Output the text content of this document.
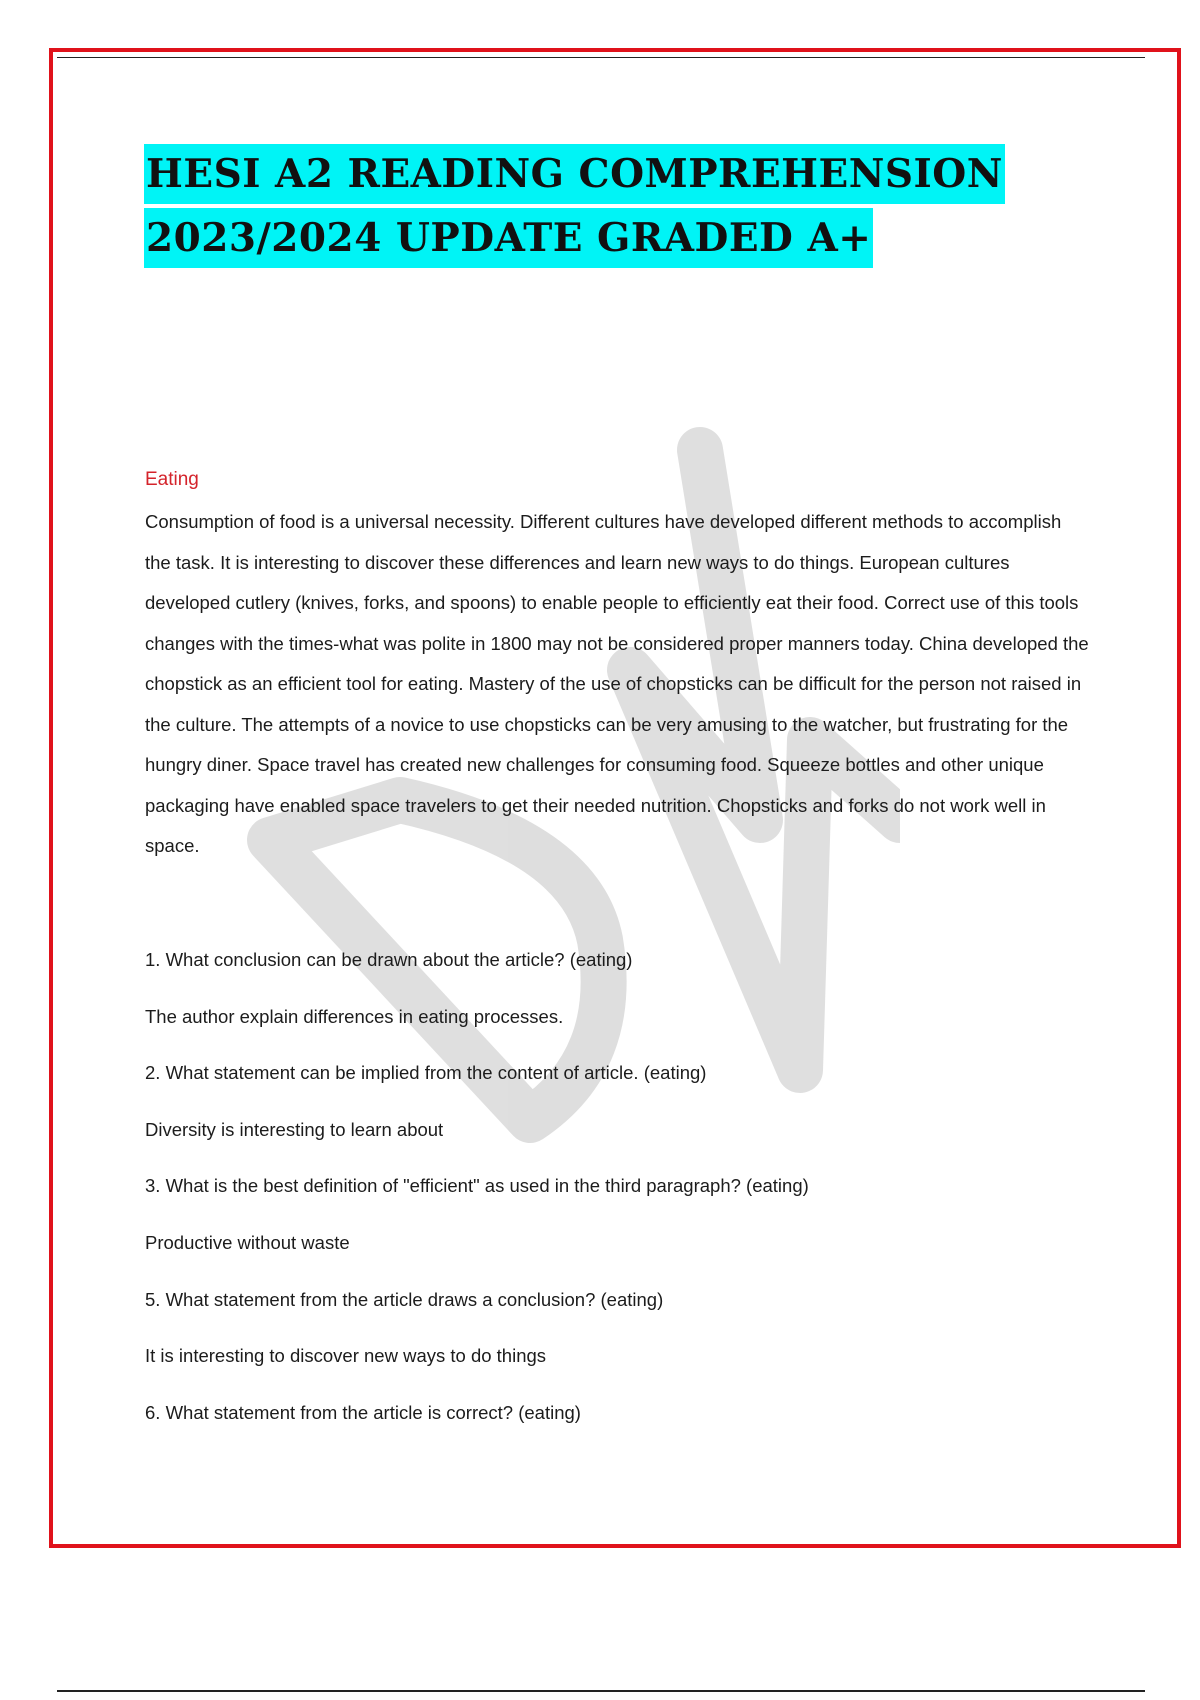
HESI A2 READING COMPREHENSION
2023/2024 UPDATE GRADED A+
Eating

Consumption of food is a universal necessity. Different cultures have developed different methods to accomplish the task. It is interesting to discover these differences and learn new ways to do things. European cultures developed cutlery (knives, forks, and spoons) to enable people to efficiently eat their food. Correct use of this tools changes with the times-what was polite in 1800 may not be considered proper manners today. China developed the chopstick as an efficient tool for eating. Mastery of the use of chopsticks can be difficult for the person not raised in the culture. The attempts of a novice to use chopsticks can be very amusing to the watcher, but frustrating for the hungry diner. Space travel has created new challenges for consuming food. Squeeze bottles and other unique packaging have enabled space travelers to get their needed nutrition. Chopsticks and forks do not work well in space.

1. What conclusion can be drawn about the article? (eating)
The author explain differences in eating processes.
2. What statement can be implied from the content of article. (eating)
Diversity is interesting to learn about
3. What is the best definition of "efficient" as used in the third paragraph? (eating)
Productive without waste
5. What statement from the article draws a conclusion? (eating)
It is interesting to discover new ways to do things
6. What statement from the article is correct? (eating)
